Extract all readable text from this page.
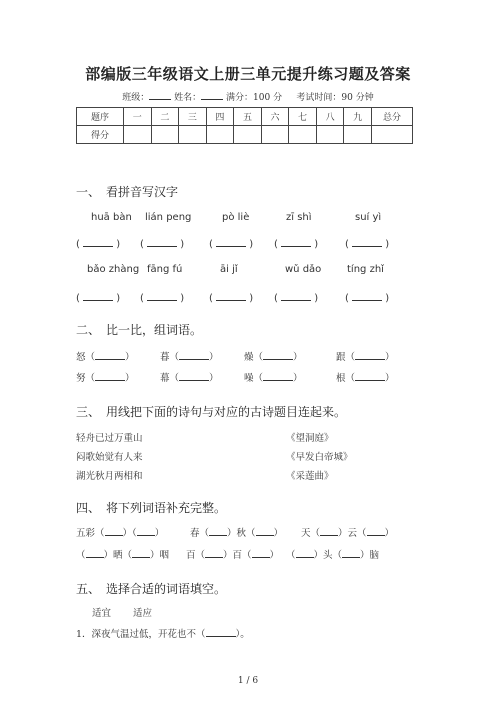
部编版三年级语文上册三单元提升练习题及答案
班级：	姓名：	满分：100 分 考试时间：90 分钟
题序	一	二	三	四	五	六	七	八	九	总分
得分										
一、　看拼音写汉字
huā bàn lián peng	pò liè	zī shì	suí yì
(	) (	) (	) (	)	(	)
bǎo zhàng fāng fú	āi jǐ	wǔ dǎo	tíng zhǐ
(	) (	) (	) (	)	(	)
二、　比一比，组词语。
怒（	）	暮（	）	燥（	）	跟（	）
努（	）	幕（	）	噪（	）	根（	）
三、　用线把下面的诗句与对应的古诗题目连起来。
轻舟已过万重山
闷歌始觉有人来
湖光秋月两相和
《望洞庭》
《早发白帝城》
《采莲曲》
四、　将下列词语补充完整。
五彩（ ）（ ）	春（ ）秋（ ） 天（ ）云（ ）
（ ）晒（ ）咽 百（ ）百（ ） （ ）头（ ）脑
五、　选择合适的词语填空。
适宜 适应
1．深夜气温过低，开花也不（	）。
1 / 6
